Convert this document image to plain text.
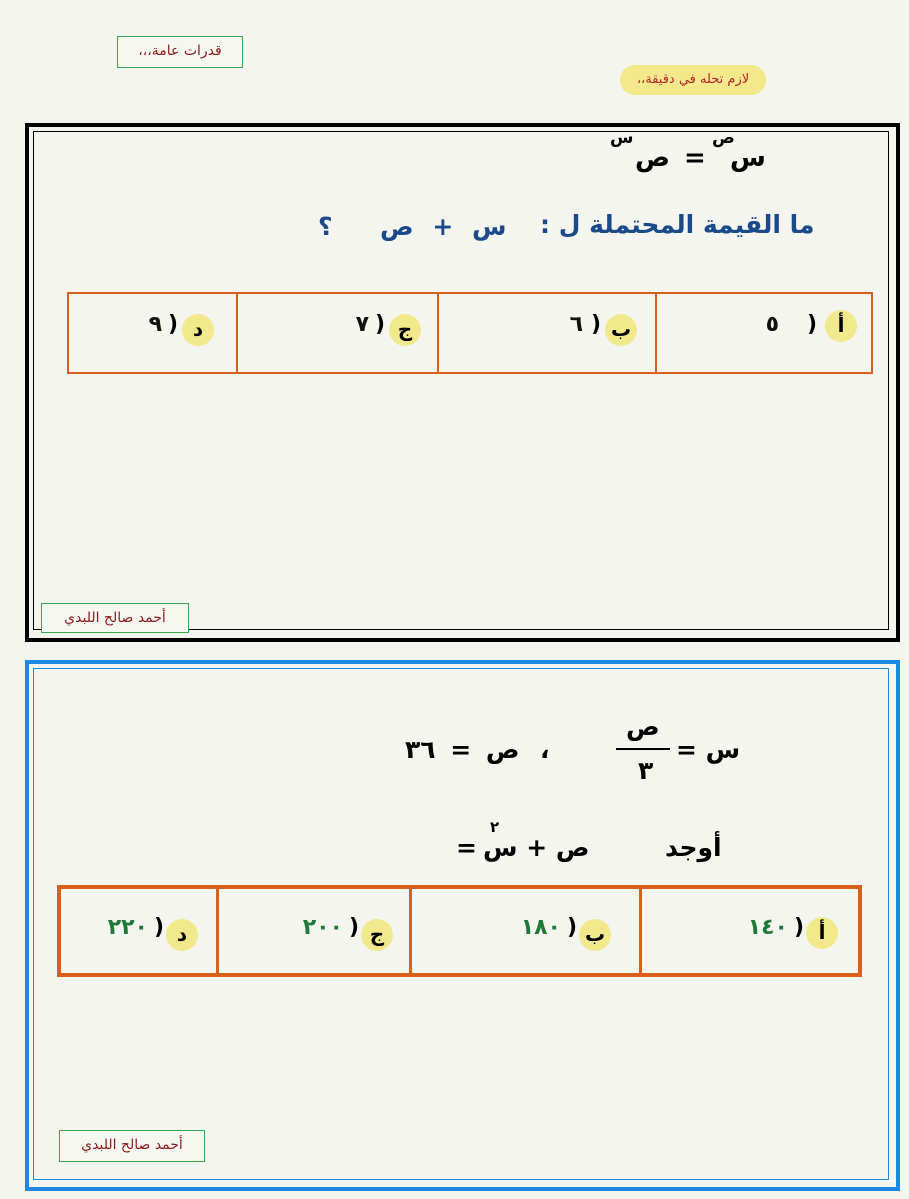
قدرات عامة،،،
لازم تحله في دقيقة،،
س
ص
=
ص
س
ما القيمة المحتملة ل :
س + ص
؟
أ
)
٥
ب
)
٦
ج
)
٧
د
)
٩
أحمد صالح اللبدي
س =
ص
٣
،
ص = ٣٦
أوجد
ص + س
٢
=
أ
)
١٤٠
ب
)
١٨٠
ج
)
٢٠٠
د
)
٢٢٠
أحمد صالح اللبدي
